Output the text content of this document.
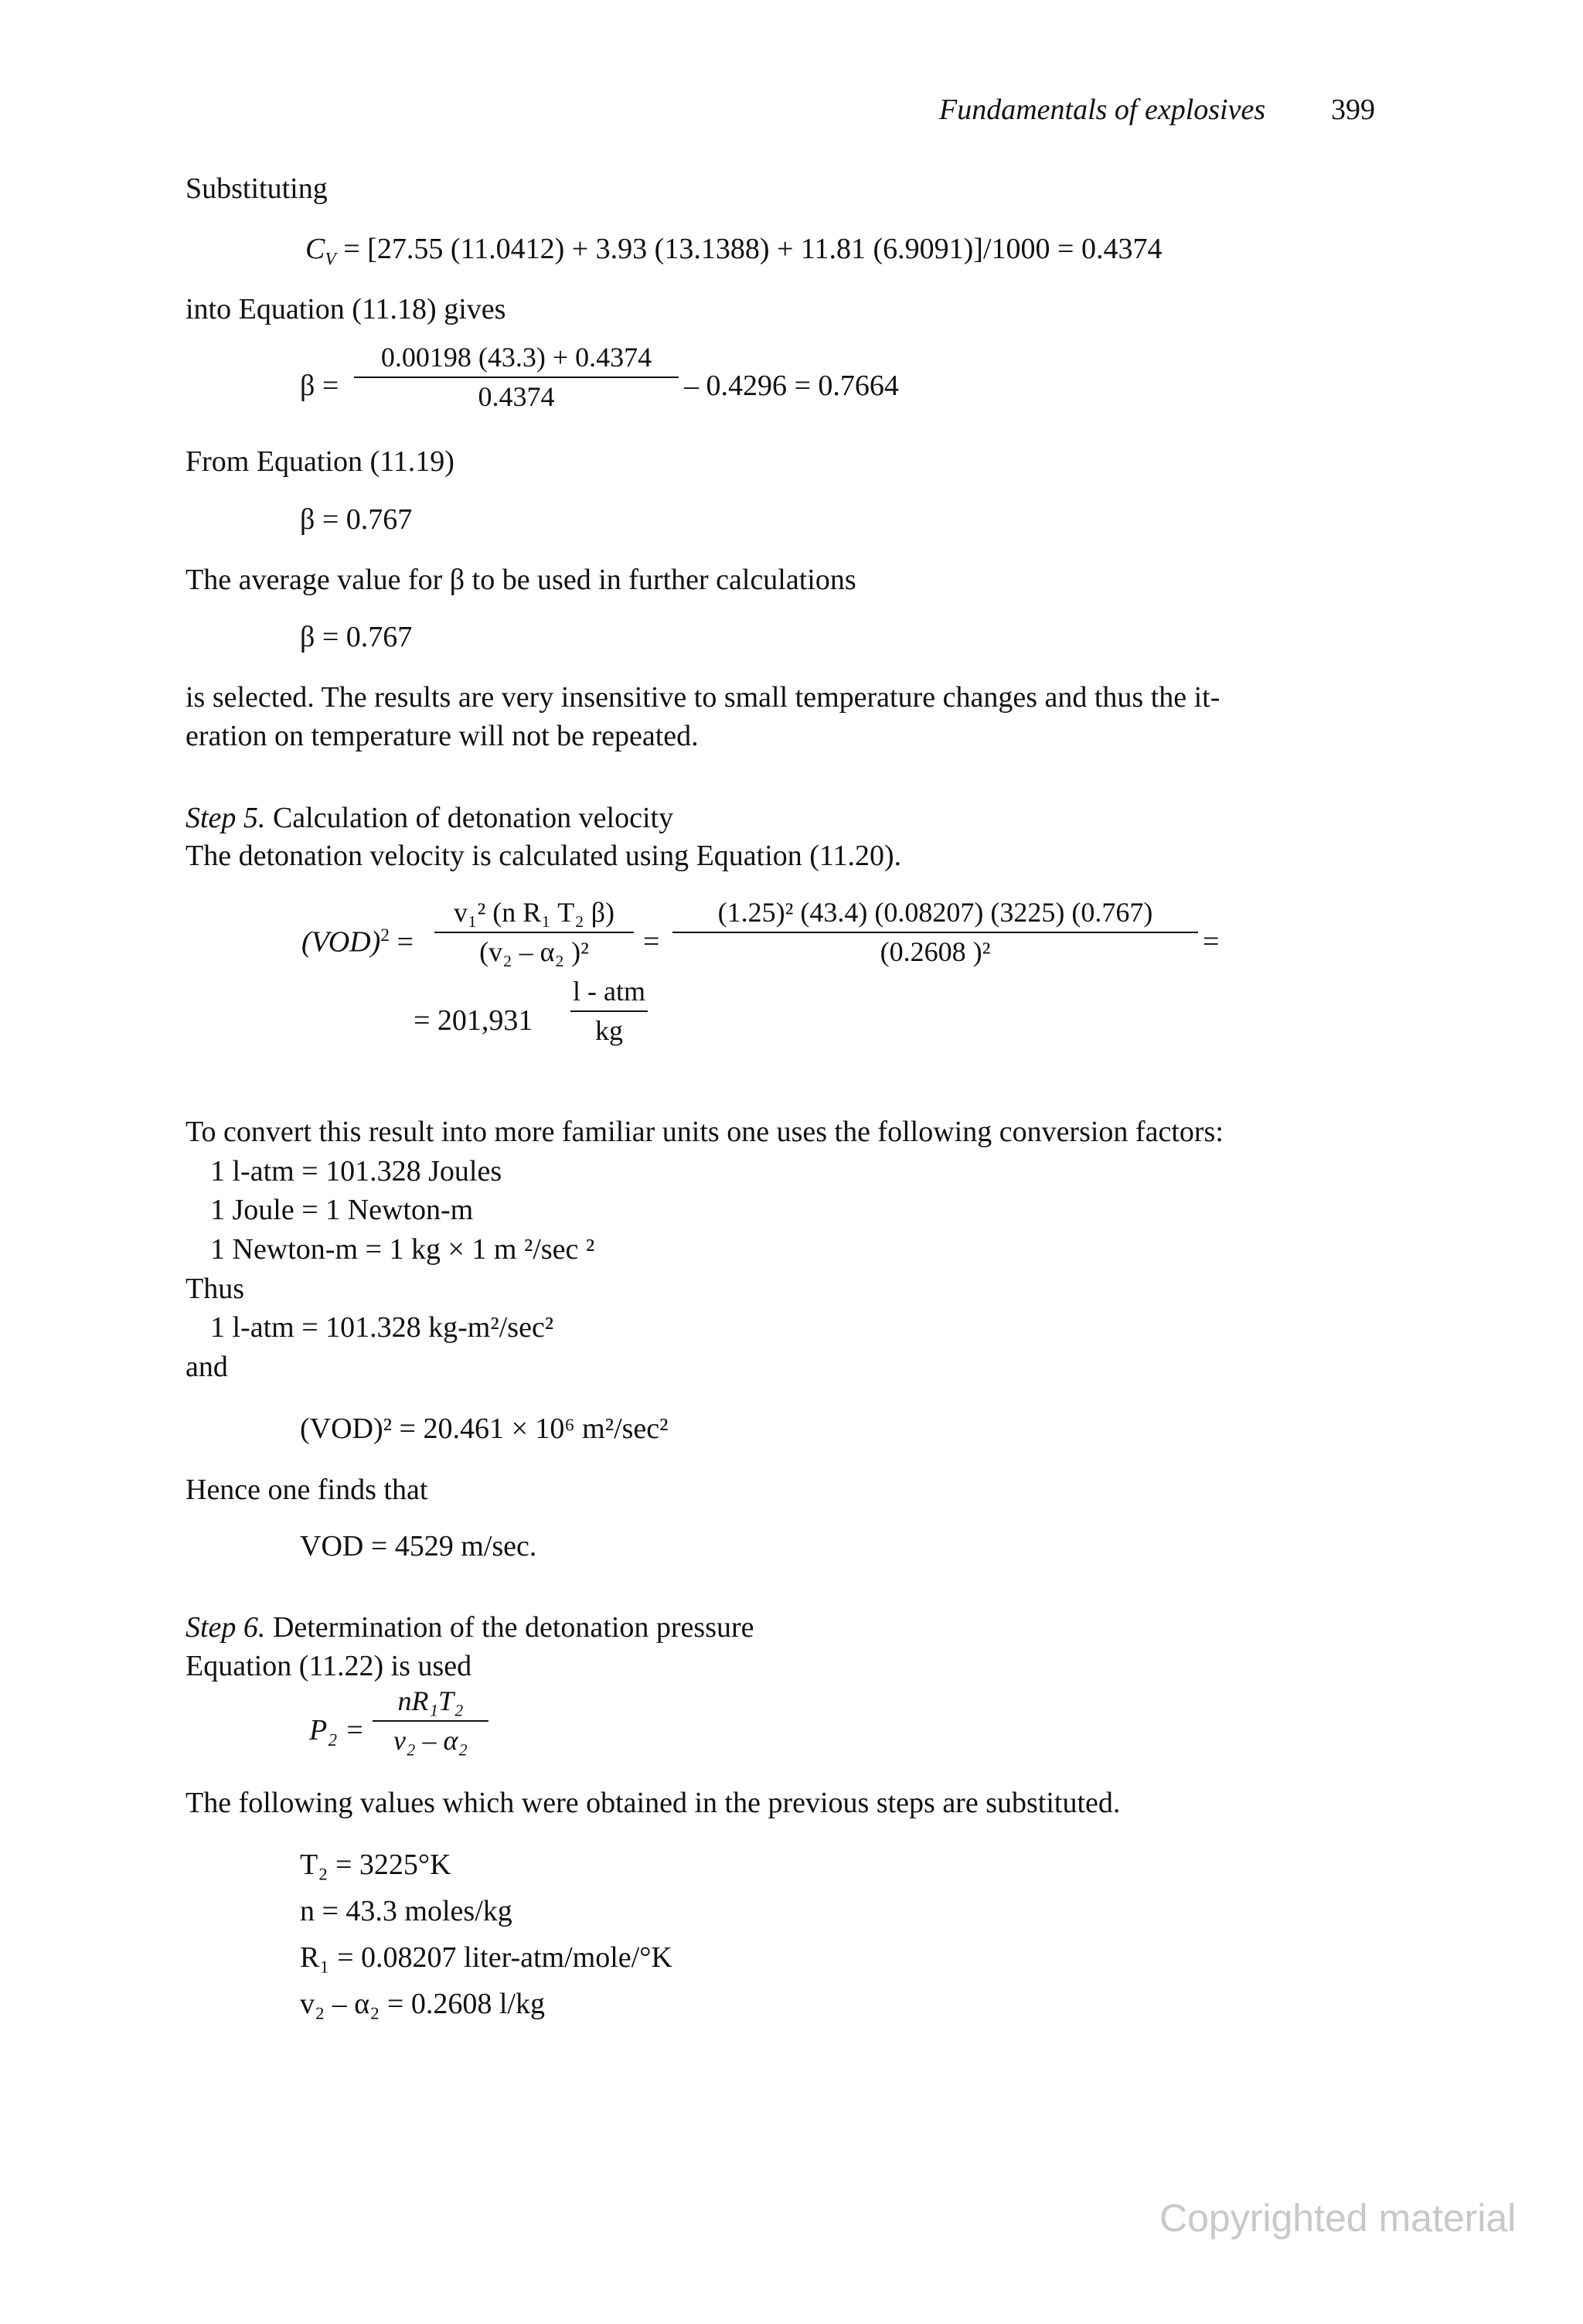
Fundamentals of explosives 399
Substituting
$C_V = [27.55$ (11.0412) + 3.93 (13.1388) + 11.81 (6.9091)]/1000 = 0.4374
into Equation (11.18) gives
β =
0.00198 (43.3) + 0.4374
0.4374	– 0.4296 = 0.7664
From Equation (11.19)
β = 0.767
The average value for β to be used in further calculations
β = 0.767
is selected. The results are very insensitive to small temperature changes and thus the it-
eration on temperature will not be repeated.
Step 5. Calculation of detonation velocity
The detonation velocity is calculated using Equation (11.20).
(VOD)$^2$ =
v₁² (n R₁ T₂ β)
(v₂ – α₂ )²	=
(1.25)² (43.4) (0.08207) (3225) (0.767)
(0.2608 )²	=
= 201,931
l - atm
kg
To convert this result into more familiar units one uses the following conversion factors:
1 l-atm = 101.328 Joules
1 Joule = 1 Newton-m
1 Newton-m = 1 kg × 1 m ²/sec ²
Thus
1 l-atm = 101.328 kg-m²/sec²
and
(VOD)² = 20.461 × 10⁶ m²/sec²
Hence one finds that
VOD = 4529 m/sec.
Step 6. Determination of the detonation pressure
Equation (11.22) is used
P₂ =
nR₁T₂
v₂ – α₂
The following values which were obtained in the previous steps are substituted.
T₂ = 3225°K
n = 43.3 moles/kg
R₁ = 0.08207 liter-atm/mole/°K
v₂ – α₂ = 0.2608 l/kg
Copyrighted material
